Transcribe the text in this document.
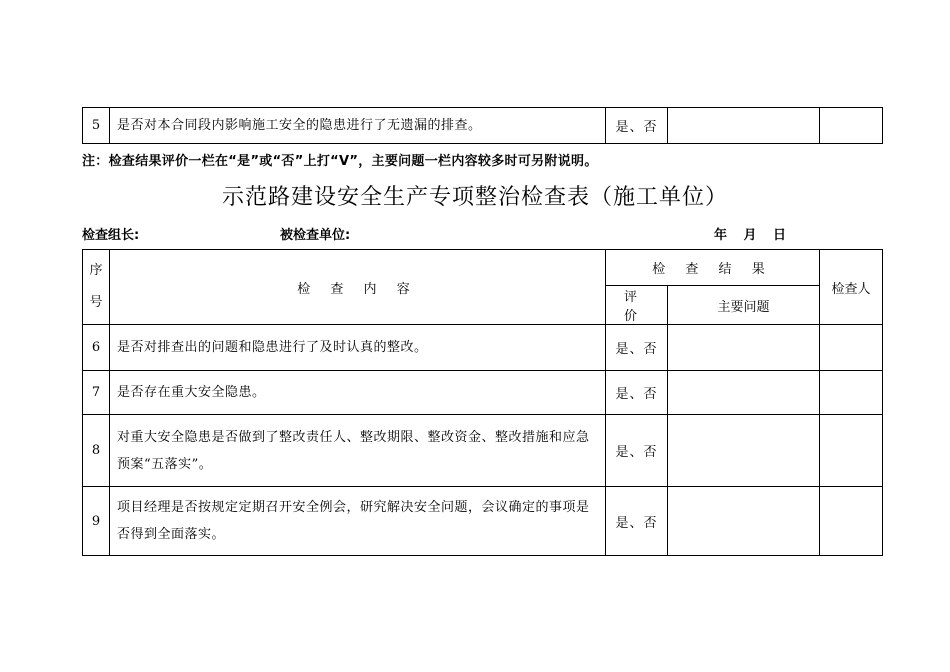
5	是否对本合同段内影响施工安全的隐患进行了无遗漏的排查。	是、否		
注：检查结果评价一栏在“是”或“否”上打“V”，主要问题一栏内容较多时可另附说明。
示范路建设安全生产专项整治检查表（施工单位）
检查组长:	被检查单位:	年 月 日
序
号	检 查 内 容	检 查 结 果		检查人
		评 价	主要问题	
6	是否对排查出的问题和隐患进行了及时认真的整改。	是、否		
7	是否存在重大安全隐患。	是、否		
8	对重大安全隐患是否做到了整改责任人、整改期限、整改资金、整改措施和应急预案“五落实”。	是、否		
9	项目经理是否按规定定期召开安全例会，研究解决安全问题，会议确定的事项是否得到全面落实。	是、否		
